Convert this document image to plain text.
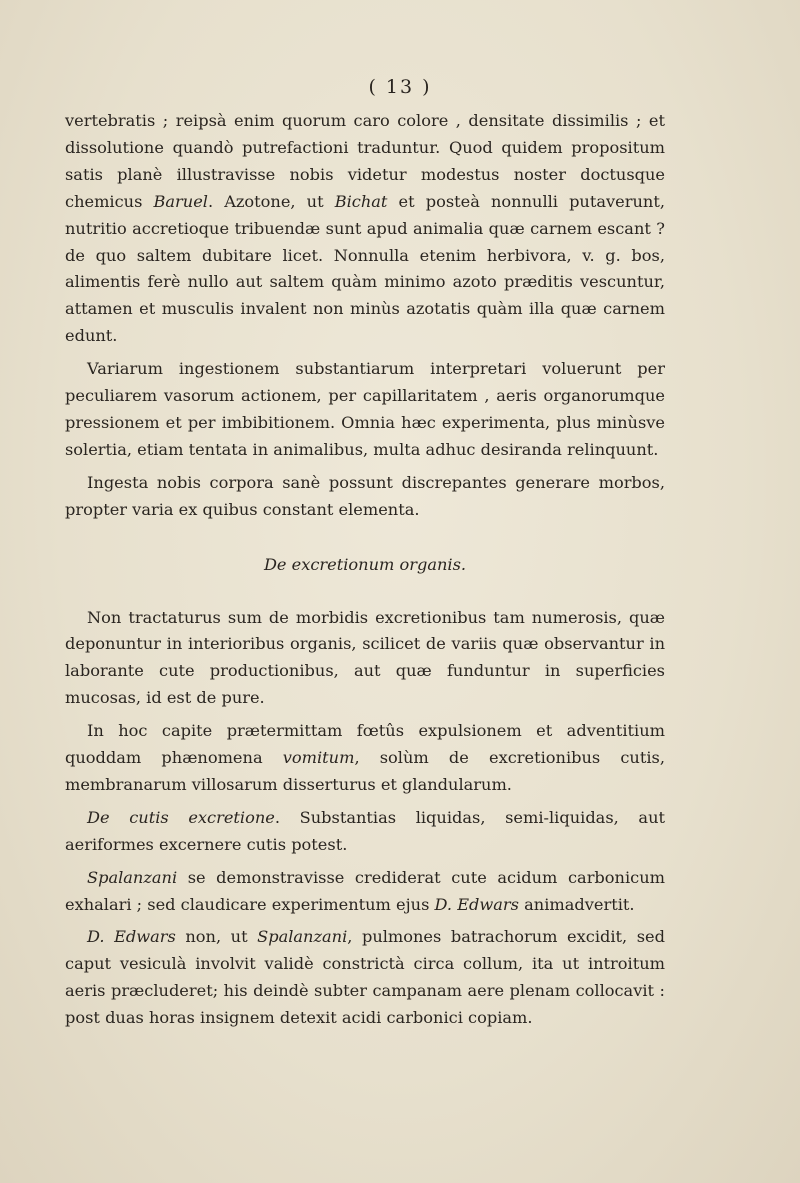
( 13 )

vertebratis ; reipsà enim quorum caro colore , densitate dissimilis ; et dissolutione quandò putrefactioni traduntur. Quod quidem propositum satis planè illustravisse nobis videtur modestus noster doctusque chemicus Baruel. Azotone, ut Bichat et posteà nonnulli putaverunt, nutritio accretioque tribuendæ sunt apud animalia quæ carnem escant ? de quo saltem dubitare licet. Nonnulla etenim herbivora, v. g. bos, alimentis ferè nullo aut saltem quàm minimo azoto præditis vescuntur, attamen et musculis invalent non minùs azotatis quàm illa quæ carnem edunt.

Variarum ingestionem substantiarum interpretari voluerunt per peculiarem vasorum actionem, per capillaritatem , aeris organorumque pressionem et per imbibitionem. Omnia hæc experimenta, plus minùsve solertia, etiam tentata in animalibus, multa adhuc desiranda relinquunt.

Ingesta nobis corpora sanè possunt discrepantes generare morbos, propter varia ex quibus constant elementa.

De excretionum organis.

Non tractaturus sum de morbidis excretionibus tam numerosis, quæ deponuntur in interioribus organis, scilicet de variis quæ observantur in laborante cute productionibus, aut quæ funduntur in superficies mucosas, id est de pure.

In hoc capite prætermittam fœtûs expulsionem et adventitium quoddam phænomena vomitum, solùm de excretionibus cutis, membranarum villosarum disserturus et glandularum.

De cutis excretione. Substantias liquidas, semi-liquidas, aut aeriformes excernere cutis potest.

Spalanzani se demonstravisse crediderat cute acidum carbonicum exhalari ; sed claudicare experimentum ejus D. Edwars animadvertit.

D. Edwars non, ut Spalanzani, pulmones batrachorum excidit, sed caput vesiculà involvit validè constrictà circa collum, ita ut introitum aeris præcluderet; his deindè subter campanam aere plenam collocavit : post duas horas insignem detexit acidi carbonici copiam.
